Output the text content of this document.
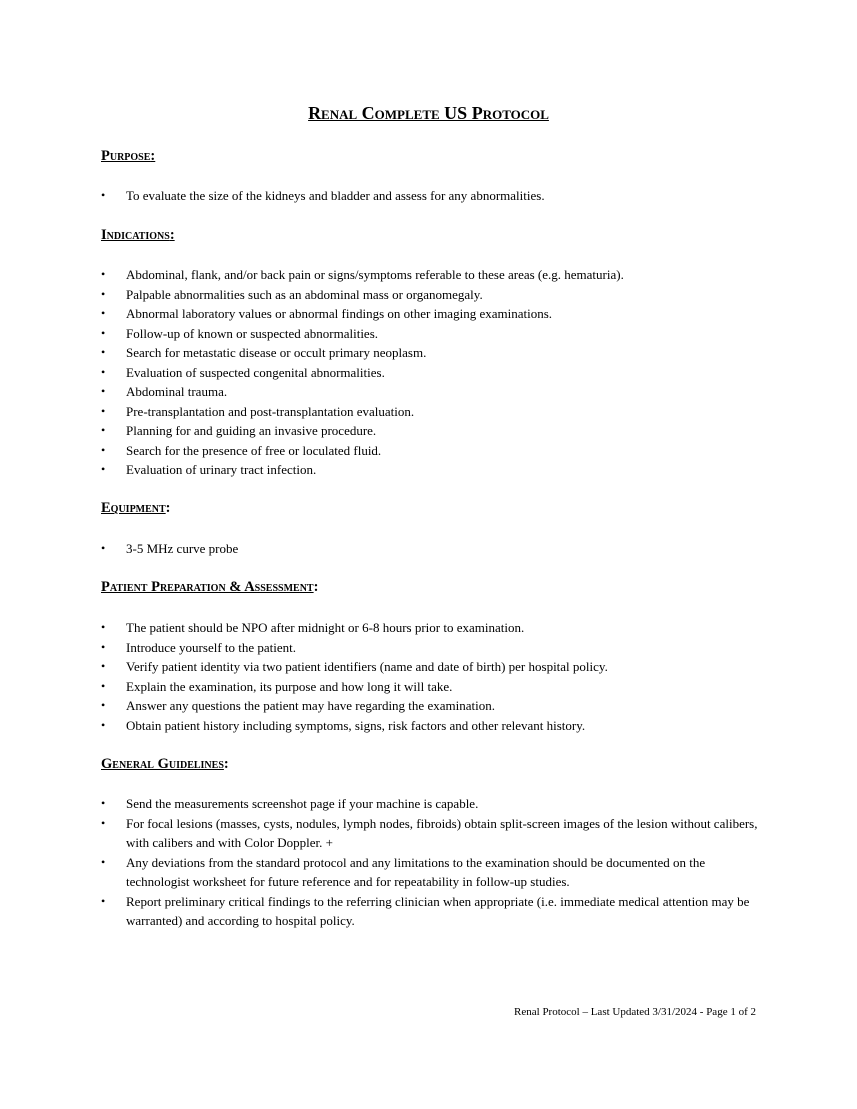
Renal Complete US Protocol
Purpose:
• To evaluate the size of the kidneys and bladder and assess for any abnormalities.
Indications:
• Abdominal, flank, and/or back pain or signs/symptoms referable to these areas (e.g. hematuria).
• Palpable abnormalities such as an abdominal mass or organomegaly.
• Abnormal laboratory values or abnormal findings on other imaging examinations.
• Follow-up of known or suspected abnormalities.
• Search for metastatic disease or occult primary neoplasm.
• Evaluation of suspected congenital abnormalities.
• Abdominal trauma.
• Pre-transplantation and post-transplantation evaluation.
• Planning for and guiding an invasive procedure.
• Search for the presence of free or loculated fluid.
• Evaluation of urinary tract infection.
Equipment:
• 3-5 MHz curve probe
Patient Preparation & Assessment:
• The patient should be NPO after midnight or 6-8 hours prior to examination.
• Introduce yourself to the patient.
• Verify patient identity via two patient identifiers (name and date of birth) per hospital policy.
• Explain the examination, its purpose and how long it will take.
• Answer any questions the patient may have regarding the examination.
• Obtain patient history including symptoms, signs, risk factors and other relevant history.
General Guidelines:
• Send the measurements screenshot page if your machine is capable.
• For focal lesions (masses, cysts, nodules, lymph nodes, fibroids) obtain split-screen images of the lesion without calibers, with calibers and with Color Doppler. +
• Any deviations from the standard protocol and any limitations to the examination should be documented on the technologist worksheet for future reference and for repeatability in follow-up studies.
• Report preliminary critical findings to the referring clinician when appropriate (i.e. immediate medical attention may be warranted) and according to hospital policy.
Renal Protocol – Last Updated 3/31/2024 - Page 1 of 2
